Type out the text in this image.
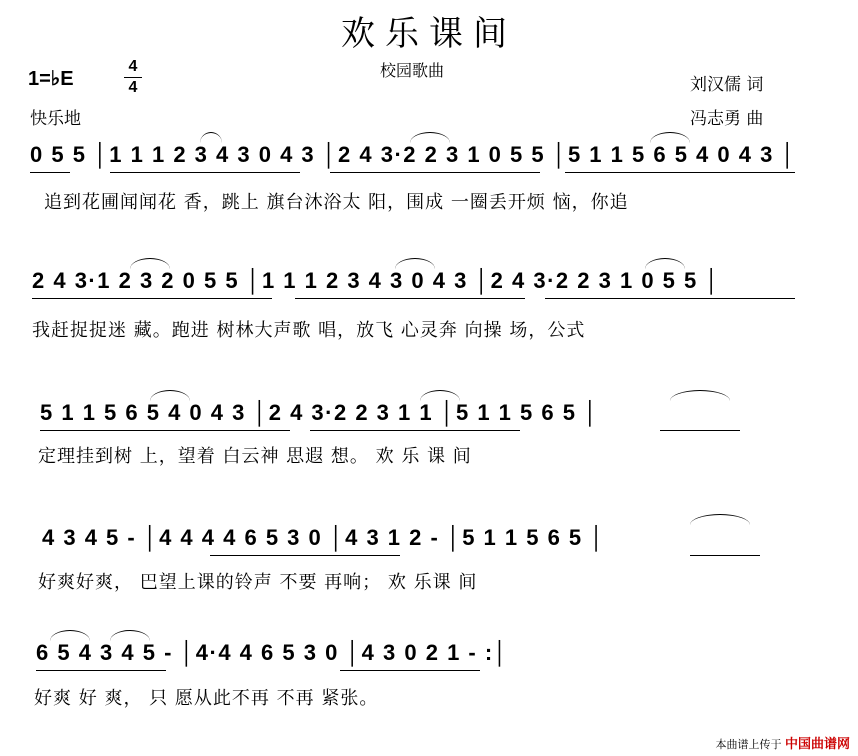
欢乐课间
校园歌曲
1=♭E
4
4
快乐地
刘汉儒 词
冯志勇 曲
0 5 5 │1 1 1 2 3 4 3 0 4 3 │2 4 3·2 2 3 1 0 5 5 │5 1 1 5 6 5 4 0 4 3 │
追到花圃闻闻花 香，跳上 旗台沐浴太 阳，围成 一圈丢开烦 恼，你追
2 4 3·1 2 3 2 0 5 5 │1 1 1 2 3 4 3 0 4 3 │2 4 3·2 2 3 1 0 5 5 │
我赶捉捉迷 藏。跑进 树林大声歌 唱，放飞 心灵奔 向操 场，公式
5 1 1 5 6 5 4 0 4 3 │2 4 3·2 2 3 1 1 │5 1 1 5 6 5 │
定理挂到树 上，望着 白云神 思遐 想。 欢 乐 课 间
4 3 4 5 - │4 4 4 4 6 5 3 0 │4 3 1 2 - │5 1 1 5 6 5 │
好爽好爽， 巴望上课的铃声 不要 再响； 欢 乐课 间
6 5 4 3 4 5 - │4·4 4 6 5 3 0 │4 3 0 2 1 - :│
好爽 好 爽， 只 愿从此不再 不再 紧张。
本曲谱上传于 中国曲谱网
